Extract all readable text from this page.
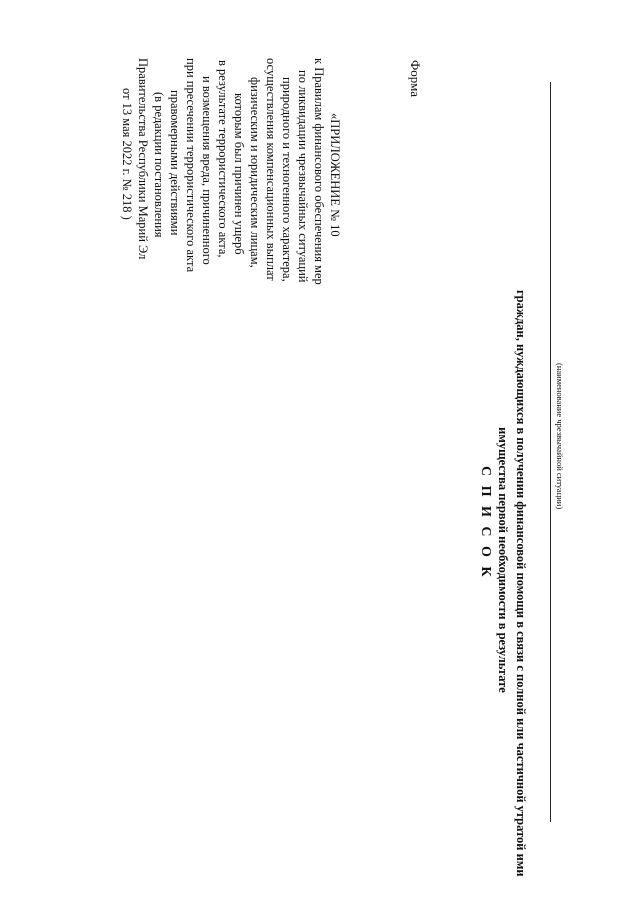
«ПРИЛОЖЕНИЕ № 10
к Правилам финансового обеспечения мер
по ликвидации чрезвычайных ситуаций
природного и техногенного характера,
осуществления компенсационных выплат
физическим и юридическим лицам,
которым был причинен ущерб
в результате террористического акта,
и возмещения вреда, причиненного
при пресечении террористического акта
правомерными действиями
(в редакции постановления
Правительства Республики Марий Эл
от 13 мая 2022 г. № 218 )
Форма
С П И С О К граждан, нуждающихся в получении финансовой помощи в связи с полной или частичной утратой ими
имущества первой необходимости в результате	(наименование чрезвычайной ситуации)
